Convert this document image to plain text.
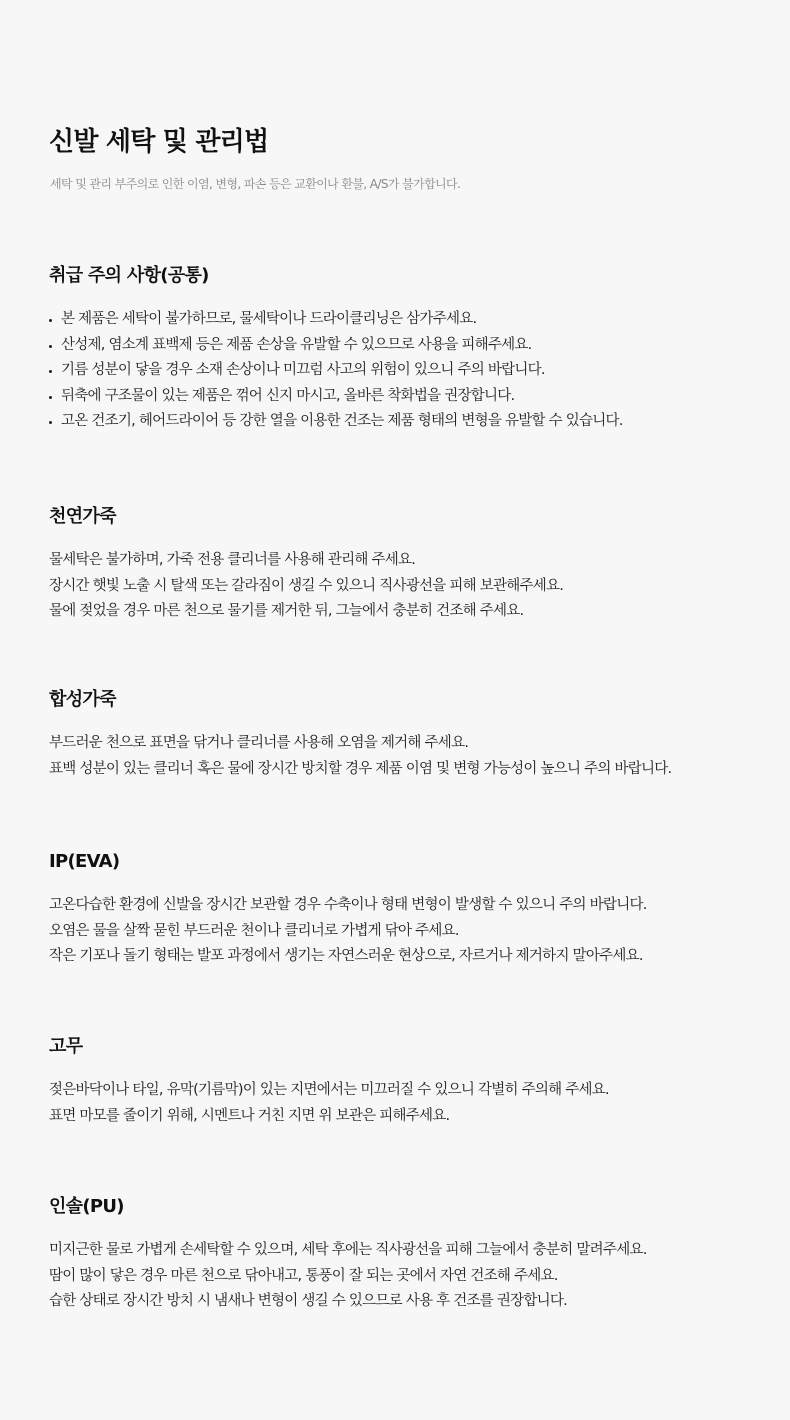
신발 세탁 및 관리법
세탁 및 관리 부주의로 인한 이염, 변형, 파손 등은 교환이나 환불, A/S가 불가합니다.
취급 주의 사항(공통)
본 제품은 세탁이 불가하므로, 물세탁이나 드라이클리닝은 삼가주세요.
산성제, 염소계 표백제 등은 제품 손상을 유발할 수 있으므로 사용을 피해주세요.
기름 성분이 닿을 경우 소재 손상이나 미끄럼 사고의 위험이 있으니 주의 바랍니다.
뒤축에 구조물이 있는 제품은 꺾어 신지 마시고, 올바른 착화법을 권장합니다.
고온 건조기, 헤어드라이어 등 강한 열을 이용한 건조는 제품 형태의 변형을 유발할 수 있습니다.
천연가죽
물세탁은 불가하며, 가죽 전용 클리너를 사용해 관리해 주세요.
장시간 햇빛 노출 시 탈색 또는 갈라짐이 생길 수 있으니 직사광선을 피해 보관해주세요.
물에 젖었을 경우 마른 천으로 물기를 제거한 뒤, 그늘에서 충분히 건조해 주세요.
합성가죽
부드러운 천으로 표면을 닦거나 클리너를 사용해 오염을 제거해 주세요.
표백 성분이 있는 클리너 혹은 물에 장시간 방치할 경우 제품 이염 및 변형 가능성이 높으니 주의 바랍니다.
IP(EVA)
고온다습한 환경에 신발을 장시간 보관할 경우 수축이나 형태 변형이 발생할 수 있으니 주의 바랍니다.
오염은 물을 살짝 묻힌 부드러운 천이나 클리너로 가볍게 닦아 주세요.
작은 기포나 돌기 형태는 발포 과정에서 생기는 자연스러운 현상으로, 자르거나 제거하지 말아주세요.
고무
젖은바닥이나 타일, 유막(기름막)이 있는 지면에서는 미끄러질 수 있으니 각별히 주의해 주세요.
표면 마모를 줄이기 위해, 시멘트나 거친 지면 위 보관은 피해주세요.
인솔(PU)
미지근한 물로 가볍게 손세탁할 수 있으며, 세탁 후에는 직사광선을 피해 그늘에서 충분히 말려주세요.
땀이 많이 닿은 경우 마른 천으로 닦아내고, 통풍이 잘 되는 곳에서 자연 건조해 주세요.
습한 상태로 장시간 방치 시 냄새나 변형이 생길 수 있으므로 사용 후 건조를 권장합니다.
